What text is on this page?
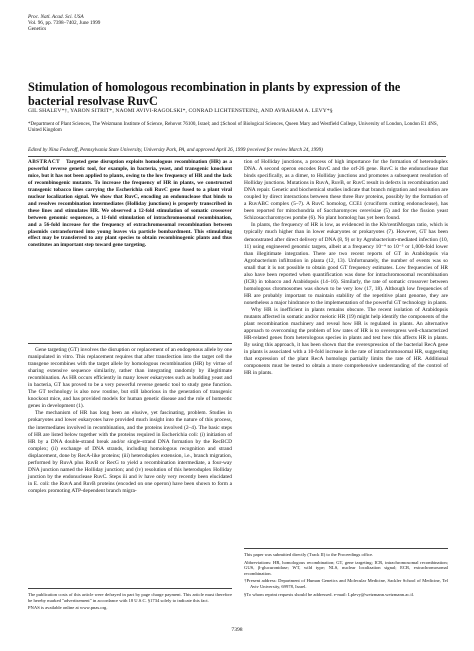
Proc. Natl. Acad. Sci. USA
Vol. 96, pp. 7398–7402, June 1999
Genetics
Stimulation of homologous recombination in plants by expression of the bacterial resolvase RuvC
GIL SHALEV*†, YARON SITRIT*, NAOMI AVIVI-RAGOLSKI*, CONRAD LICHTENSTEIN‡, AND AVRAHAM A. LEVY*§
*Department of Plant Sciences, The Weizmann Institute of Science, Rehovot 76100, Israel; and ‡School of Biological Sciences, Queen Mary and Westfield College, University of London, London E1 4NS, United Kingdom
Edited by Nina Fedoroff, Pennsylvania State University, University Park, PA, and approved April 26, 1999 (received for review March 24, 1999)

ABSTRACT Targeted gene disruption exploits homologous recombination (HR) as a powerful reverse genetic tool, for example, in bacteria, yeast, and transgenic knockout mice, but it has not been applied to plants, owing to the low frequency of HR and the lack of recombinogenic mutants. To increase the frequency of HR in plants, we constructed transgenic tobacco lines carrying the Escherichia coli RuvC gene fused to a plant viral nuclear localization signal. We show that RuvC, encoding an endonuclease that binds to and resolves recombination intermediates (Holliday junctions) is properly transcribed in these lines and stimulates HR. We observed a 12-fold stimulation of somatic crossover between genomic sequences, a 11-fold stimulation of intrachromosomal recombination, and a 56-fold increase for the frequency of extrachromosomal recombination between plasmids cotransformed into young leaves via particle bombardment. This stimulating effect may be transferred to any plant species to obtain recombinogenic plants and thus constitutes an important step toward gene targeting.

Gene targeting (GT) involves the disruption or replacement of an endogenous allele by one manipulated in vitro. This replacement requires that after transfection into the target cell the transgene recombines with the target allele by homologous recombination (HR) by virtue of sharing extensive sequence similarity, rather than integrating randomly by illegitimate recombination. As HR occurs efficiently in many lower eukaryotes such as budding yeast and in bacteria, GT has proved to be a very powerful reverse genetic tool to study gene function. The GT technology is also now routine, but still laborious in the generation of transgenic knockout mice, and has provided models for human genetic disease and the role of homeotic genes in development (1).

The mechanism of HR has long been an elusive, yet fascinating, problem. Studies in prokaryotes and lower eukaryotes have provided much insight into the nature of this process, the intermediates involved in recombination, and the proteins involved (2–4). The basic steps of HR are listed below together with the proteins required in Escherichia coli: (i) initiation of HR by a DNA double-strand break and/or single-strand DNA formation by the RecBCD complex; (ii) exchange of DNA strands, including homologous recognition and strand displacement, done by RecA-like proteins; (iii) heteroduplex extension, i.e., branch migration, performed by RuvA plus RuvB or RecG to yield a recombination intermediate, a four-way DNA junction named the Holliday junction; and (iv) resolution of this heteroduplex Holliday junction by the endonuclease RuvC. Steps iii and iv have only very recently been elucidated in E. coli: the RuvA and RuvB proteins (encoded on one operon) have been shown to form a complex promoting ATP-dependent branch migra-

The publication costs of this article were defrayed in part by page charge payment. This article must therefore be hereby marked "advertisement" in accordance with 18 U.S.C. §1734 solely to indicate this fact.

PNAS is available online at www.pnas.org.

tion of Holliday junctions, a process of high importance for the formation of heteroduplex DNA. A second operon encodes RuvC and the orf-26 gene. RuvC is the endonuclease that binds specifically, as a dimer, to Holliday junctions and promotes a subsequent resolution of Holliday junctions. Mutations in RuvA, RuvB, or RuvC result in defects in recombination and DNA repair. Genetic and biochemical studies indicate that branch migration and resolution are coupled by direct interactions between these three Ruv proteins, possibly by the formation of a RuvABC complex (5–7). A RuvC homolog, CCE1 (cruciform cutting endonuclease), has been reported for mitochondria of Saccharomyces cerevisiae (5) and for the fission yeast Schizosaccharomyces pombe (6). No plant homolog has yet been found.

In plants, the frequency of HR is low, as evidenced in the Kb/centiMorgan ratio, which is typically much higher than in lower eukaryotes or prokaryotes (7). However, GT has been demonstrated after direct delivery of DNA (8, 9) or by Agrobacterium-mediated infection (10, 11) using engineered genomic targets, albeit at a frequency 10⁻⁴ to 10⁻⁵ or 1,000-fold lower than illegitimate integration. There are two recent reports of GT in Arabidopsis via Agrobacterium infiltration in planta (12, 13). Unfortunately, the number of events was so small that it is not possible to obtain good GT frequency estimates. Low frequencies of HR also have been reported when quantification was done for intrachromosomal recombination (ICR) in tobacco and Arabidopsis (14–16). Similarly, the rate of somatic crossover between homologous chromosomes was shown to be very low (17, 18). Although low frequencies of HR are probably important to maintain stability of the repetitive plant genome, they are nonetheless a major hindrance to the implementation of the powerful GT technology in plants.

Why HR is inefficient in plants remains obscure. The recent isolation of Arabidopsis mutants affected in somatic and/or meiotic HR (19) might help identify the components of the plant recombination machinery and reveal how HR is regulated in plants. An alternative approach to overcoming the problem of low rates of HR is to overexpress well-characterized HR-related genes from heterologous species in plants and test how this affects HR in plants. By using this approach, it has been shown that the overexpression of the bacterial RecA gene in plants is associated with a 10-fold increase in the rate of intrachromosomal HR, suggesting that expression of the plant RecA homologs partially limits the rate of HR. Additional components must be tested to obtain a more comprehensive understanding of the control of HR in plants.

This paper was submitted directly (Track II) to the Proceedings office.

Abbreviations: HR, homologous recombination; GT, gene targeting; ICR, intrachromosomal recombination; GUS, β-glucuronidase; WT, wild type; NLS, nuclear localization signal; ECR, extrachromosomal recombination.

†Present address: Department of Human Genetics and Molecular Medicine, Sackler School of Medicine, Tel Aviv University, 69978, Israel.

§To whom reprint requests should be addressed. e-mail: Lplevy@weizmann.weizmann.ac.il.

7398
